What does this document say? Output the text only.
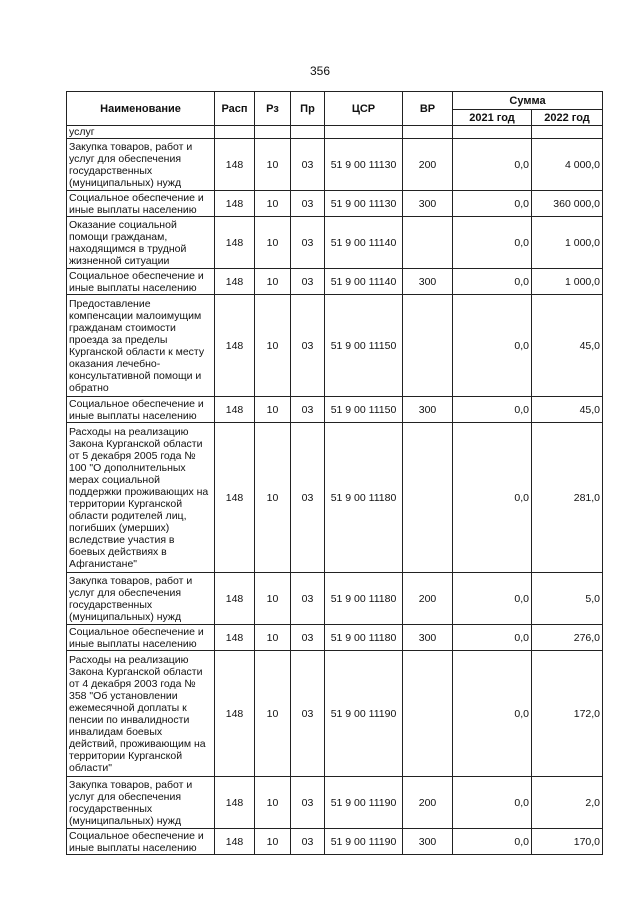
356
Наименование	Расп	Рз	Пр	ЦСР	ВР	Сумма	
						2021 год	2022 год
услуг							
Закупка товаров, работ и услуг для обеспечения государственных (муниципальных) нужд	148	10	03	51 9 00 11130	200	0,0	4 000,0
Социальное обеспечение и иные выплаты населению	148	10	03	51 9 00 11130	300	0,0	360 000,0
Оказание социальной помощи гражданам, находящимся в трудной жизненной ситуации	148	10	03	51 9 00 11140		0,0	1 000,0
Социальное обеспечение и иные выплаты населению	148	10	03	51 9 00 11140	300	0,0	1 000,0
Предоставление компенсации малоимущим гражданам стоимости проезда за пределы Курганской области к месту оказания лечебно-консультативной помощи и обратно	148	10	03	51 9 00 11150		0,0	45,0
Социальное обеспечение и иные выплаты населению	148	10	03	51 9 00 11150	300	0,0	45,0
Расходы на реализацию Закона Курганской области от 5 декабря 2005 года № 100 "О дополнительных мерах социальной поддержки проживающих на территории Курганской области родителей лиц, погибших (умерших) вследствие участия в боевых действиях в Афганистане"	148	10	03	51 9 00 11180		0,0	281,0
Закупка товаров, работ и услуг для обеспечения государственных (муниципальных) нужд	148	10	03	51 9 00 11180	200	0,0	5,0
Социальное обеспечение и иные выплаты населению	148	10	03	51 9 00 11180	300	0,0	276,0
Расходы на реализацию Закона Курганской области от 4 декабря 2003 года № 358 "Об установлении ежемесячной доплаты к пенсии по инвалидности инвалидам боевых действий, проживающим на территории Курганской области"	148	10	03	51 9 00 11190		0,0	172,0
Закупка товаров, работ и услуг для обеспечения государственных (муниципальных) нужд	148	10	03	51 9 00 11190	200	0,0	2,0
Социальное обеспечение и иные выплаты населению	148	10	03	51 9 00 11190	300	0,0	170,0
